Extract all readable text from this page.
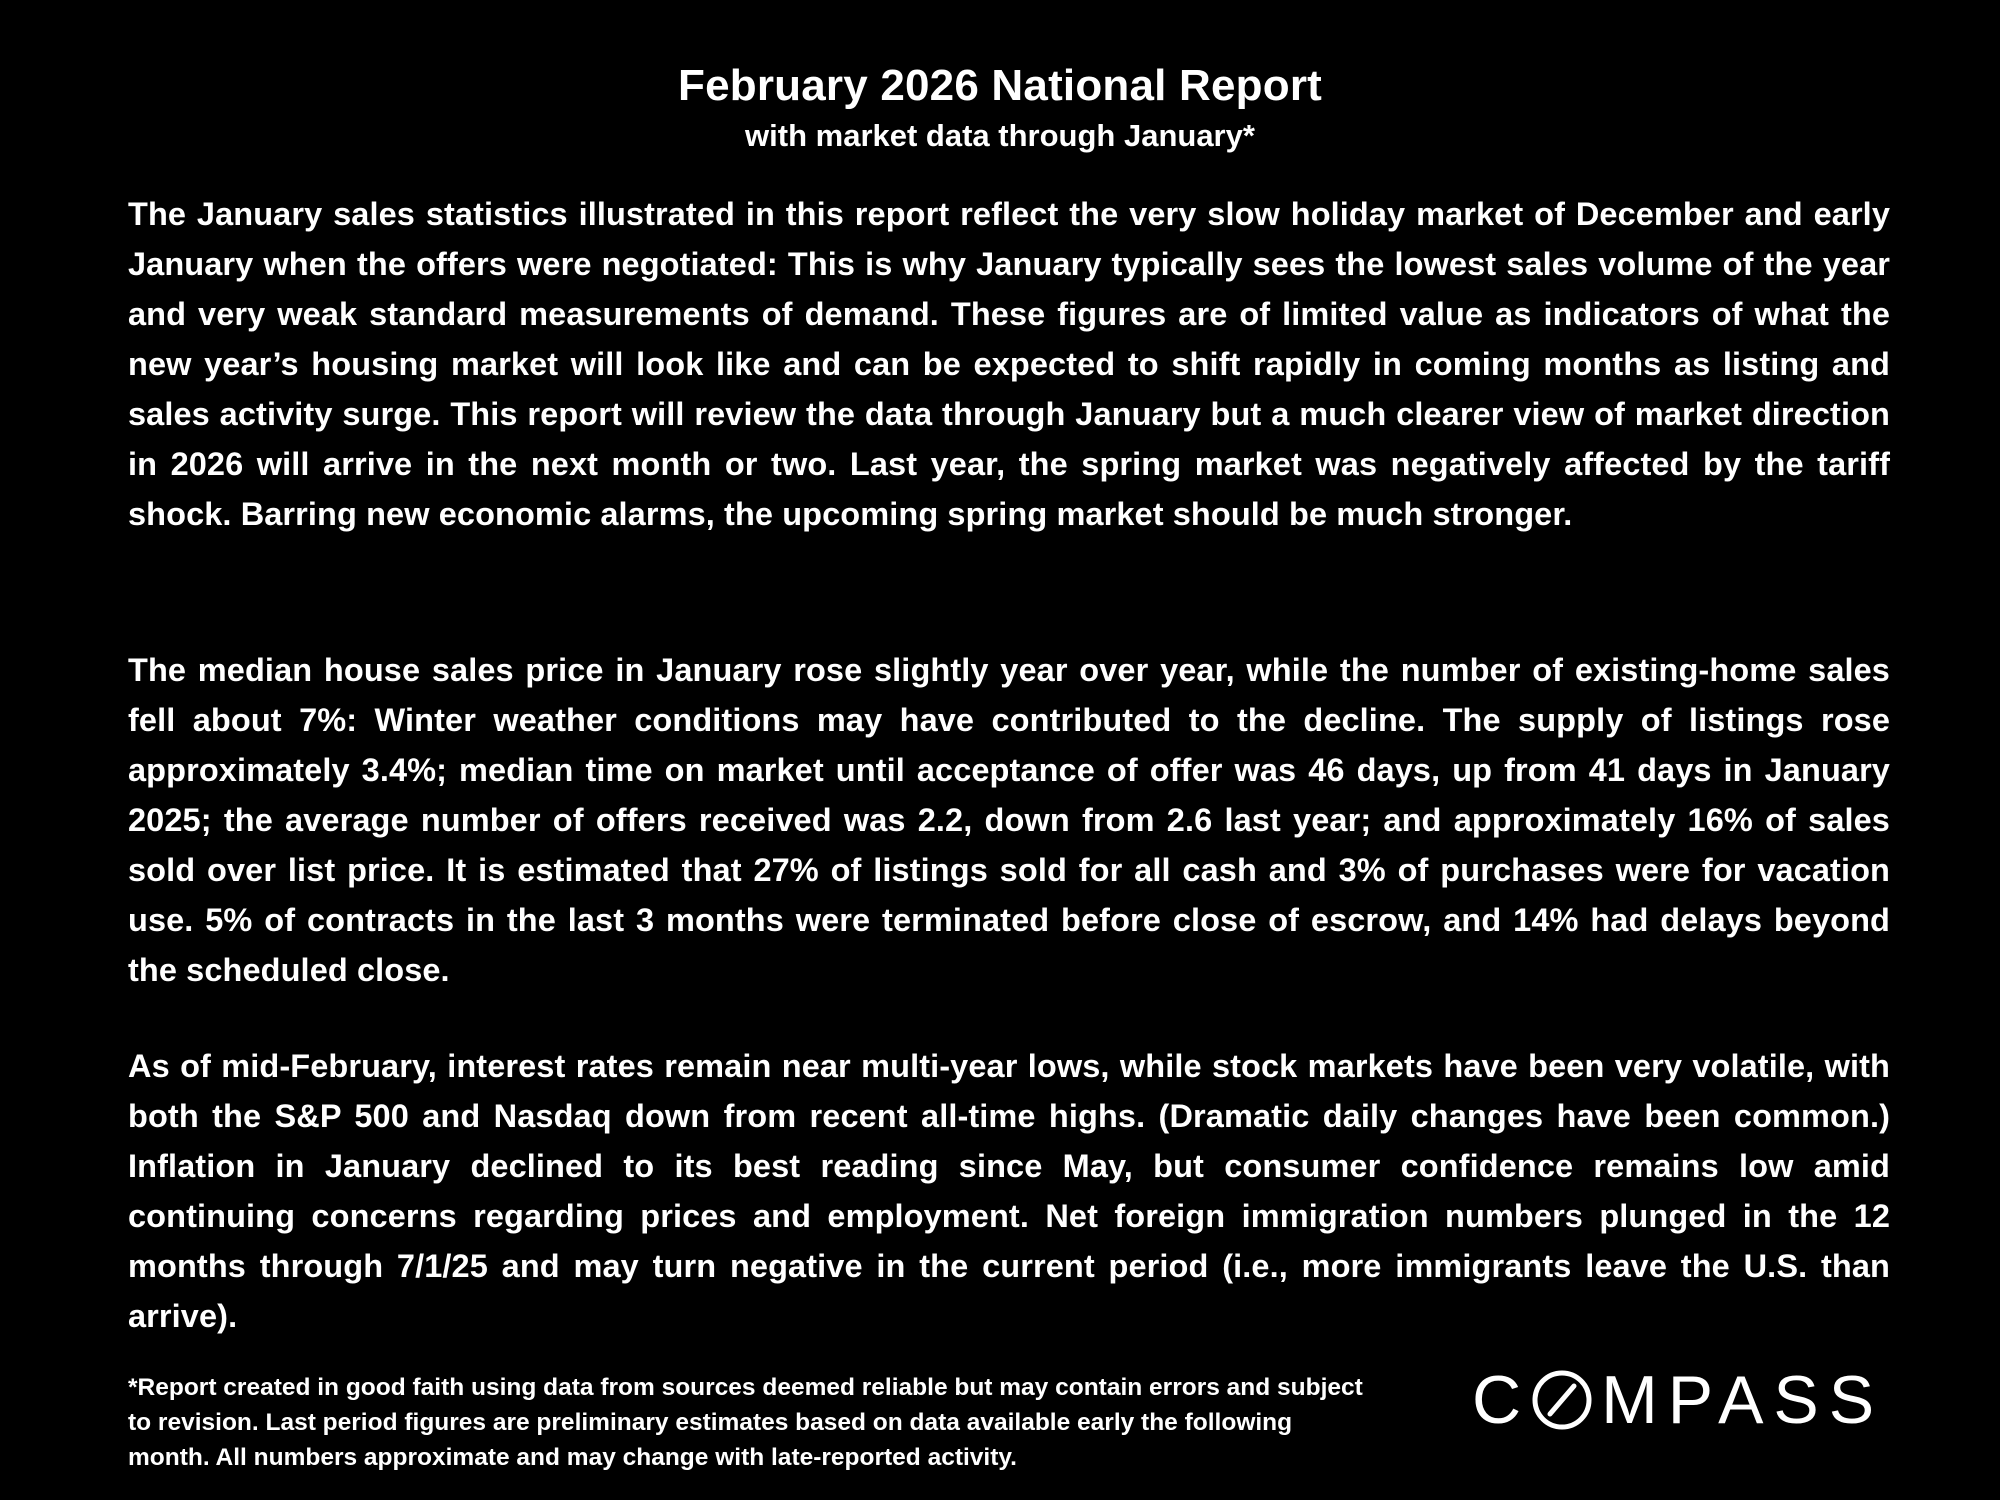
February 2026 National Report
with market data through January*

The January sales statistics illustrated in this report reflect the very slow holiday market of December and early January when the offers were negotiated: This is why January typically sees the lowest sales volume of the year and very weak standard measurements of demand. These figures are of limited value as indicators of what the new year’s housing market will look like and can be expected to shift rapidly in coming months as listing and sales activity surge. This report will review the data through January but a much clearer view of market direction in 2026 will arrive in the next month or two. Last year, the spring market was negatively affected by the tariff shock. Barring new economic alarms, the upcoming spring market should be much stronger.

The median house sales price in January rose slightly year over year, while the number of existing-home sales fell about 7%: Winter weather conditions may have contributed to the decline. The supply of listings rose approximately 3.4%; median time on market until acceptance of offer was 46 days, up from 41 days in January 2025; the average number of offers received was 2.2, down from 2.6 last year; and approximately 16% of sales sold over list price. It is estimated that 27% of listings sold for all cash and 3% of purchases were for vacation use. 5% of contracts in the last 3 months were terminated before close of escrow, and 14% had delays beyond the scheduled close.

As of mid-February, interest rates remain near multi-year lows, while stock markets have been very volatile, with both the S&P 500 and Nasdaq down from recent all-time highs. (Dramatic daily changes have been common.) Inflation in January declined to its best reading since May, but consumer confidence remains low amid continuing concerns regarding prices and employment. Net foreign immigration numbers plunged in the 12 months through 7/1/25 and may turn negative in the current period (i.e., more immigrants leave the U.S. than arrive).

*Report created in good faith using data from sources deemed reliable but may contain errors and subject to revision. Last period figures are preliminary estimates based on data available early the following month. All numbers approximate and may change with late-reported activity.

C MPASS
